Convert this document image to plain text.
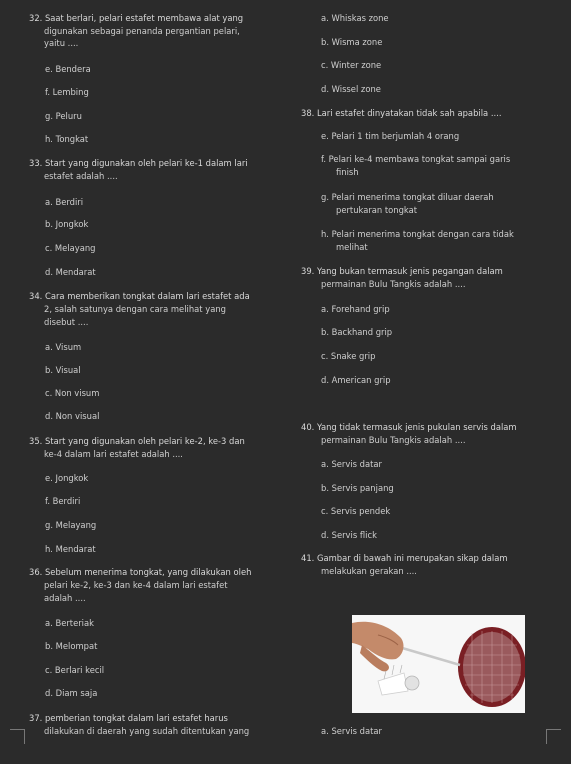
32. Saat berlari, pelari estafet membawa alat yang
digunakan sebagai penanda pergantian pelari,
yaitu ....
e. Bendera
f. Lembing
g. Peluru
h. Tongkat
33. Start yang digunakan oleh pelari ke-1 dalam lari
estafet adalah ....
a. Berdiri
b. Jongkok
c. Melayang
d. Mendarat
34. Cara memberikan tongkat dalam lari estafet ada
2, salah satunya dengan cara melihat yang
disebut ....
a. Visum
b. Visual
c. Non visum
d. Non visual
35. Start yang digunakan oleh pelari ke-2, ke-3 dan
ke-4 dalam lari estafet adalah ....
e. Jongkok
f. Berdiri
g. Melayang
h. Mendarat
36. Sebelum menerima tongkat, yang dilakukan oleh
pelari ke-2, ke-3 dan ke-4 dalam lari estafet
adalah ....
a. Berteriak
b. Melompat
c. Berlari kecil
d. Diam saja
37. pemberian tongkat dalam lari estafet harus
dilakukan di daerah yang sudah ditentukan yang
a. Whiskas zone
b. Wisma zone
c. Winter zone
d. Wissel zone
38. Lari estafet dinyatakan tidak sah apabila ....
e. Pelari 1 tim berjumlah 4 orang
f. Pelari ke-4 membawa tongkat sampai garis
finish
g. Pelari menerima tongkat diluar daerah
pertukaran tongkat
h. Pelari menerima tongkat dengan cara tidak
melihat
39. Yang bukan termasuk jenis pegangan dalam
permainan Bulu Tangkis adalah ....
a. Forehand grip
b. Backhand grip
c. Snake grip
d. American grip
40. Yang tidak termasuk jenis pukulan servis dalam
permainan Bulu Tangkis adalah ....
a. Servis datar
b. Servis panjang
c. Servis pendek
d. Servis flick
41. Gambar di bawah ini merupakan sikap dalam
melakukan gerakan ....
a. Servis datar
